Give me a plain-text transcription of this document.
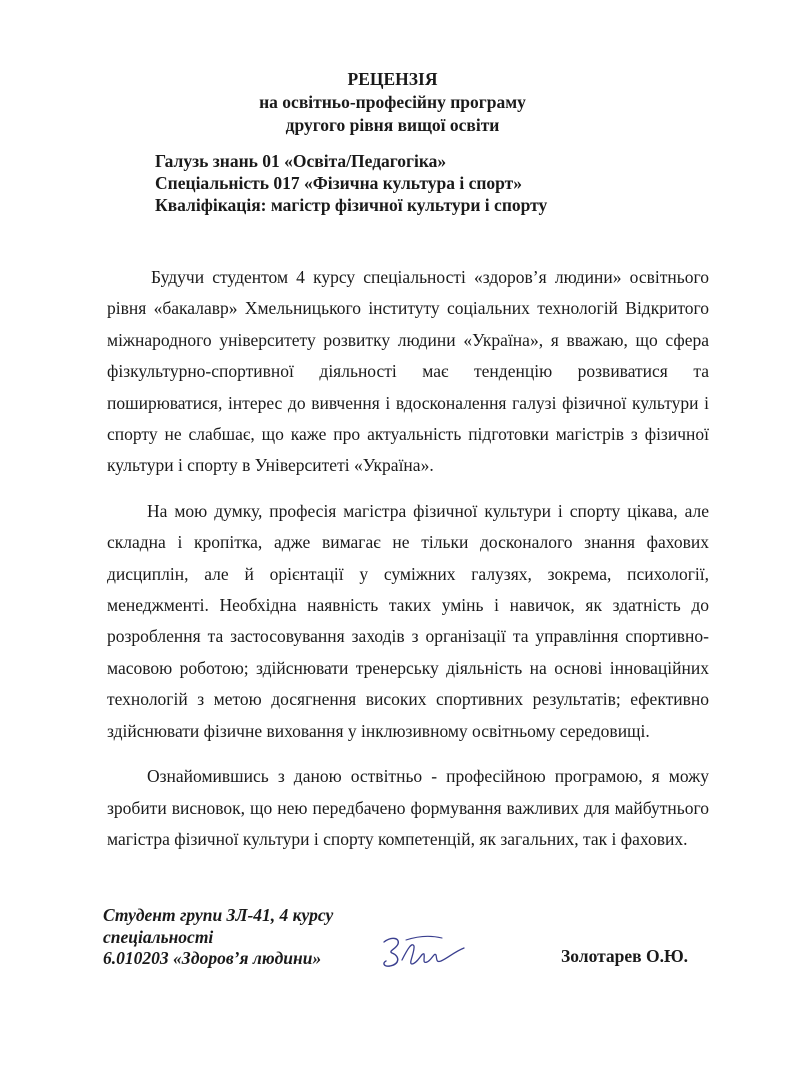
РЕЦЕНЗІЯ
на освітньо-професійну програму
другого рівня вищої освіти
Галузь знань 01 «Освіта/Педагогіка»
Спеціальність 017 «Фізична культура і спорт»
Кваліфікація: магістр фізичної культури і спорту

Будучи студентом 4 курсу спеціальності «здоров’я людини» освітнього рівня «бакалавр» Хмельницького інституту соціальних технологій Відкритого міжнародного університету розвитку людини «Україна», я вважаю, що сфера фізкультурно-спортивної діяльності має тенденцію розвиватися та поширюватися, інтерес до вивчення і вдосконалення галузі фізичної культури і спорту не слабшає, що каже про актуальність підготовки магістрів з фізичної культури і спорту в Університеті «Україна».

На мою думку, професія магістра фізичної культури і спорту цікава, але складна і кропітка, адже вимагає не тільки досконалого знання фахових дисциплін, але й орієнтації у суміжних галузях, зокрема, психології, менеджменті. Необхідна наявність таких умінь і навичок, як здатність до розроблення та застосовування заходів з організації та управління спортивно-масовою роботою; здійснювати тренерську діяльність на основі інноваційних технологій з метою досягнення високих спортивних результатів; ефективно здійснювати фізичне виховання у інклюзивному освітньому середовищі.

Ознайомившись з даною оствітньо - професійною програмою, я можу зробити висновок, що нею передбачено формування важливих для майбутнього магістра фізичної культури і спорту компетенцій, як загальних, так і фахових.

Студент групи ЗЛ-41, 4 курсу
спеціальності
6.010203 «Здоров’я людини»	Золотарев О.Ю.
